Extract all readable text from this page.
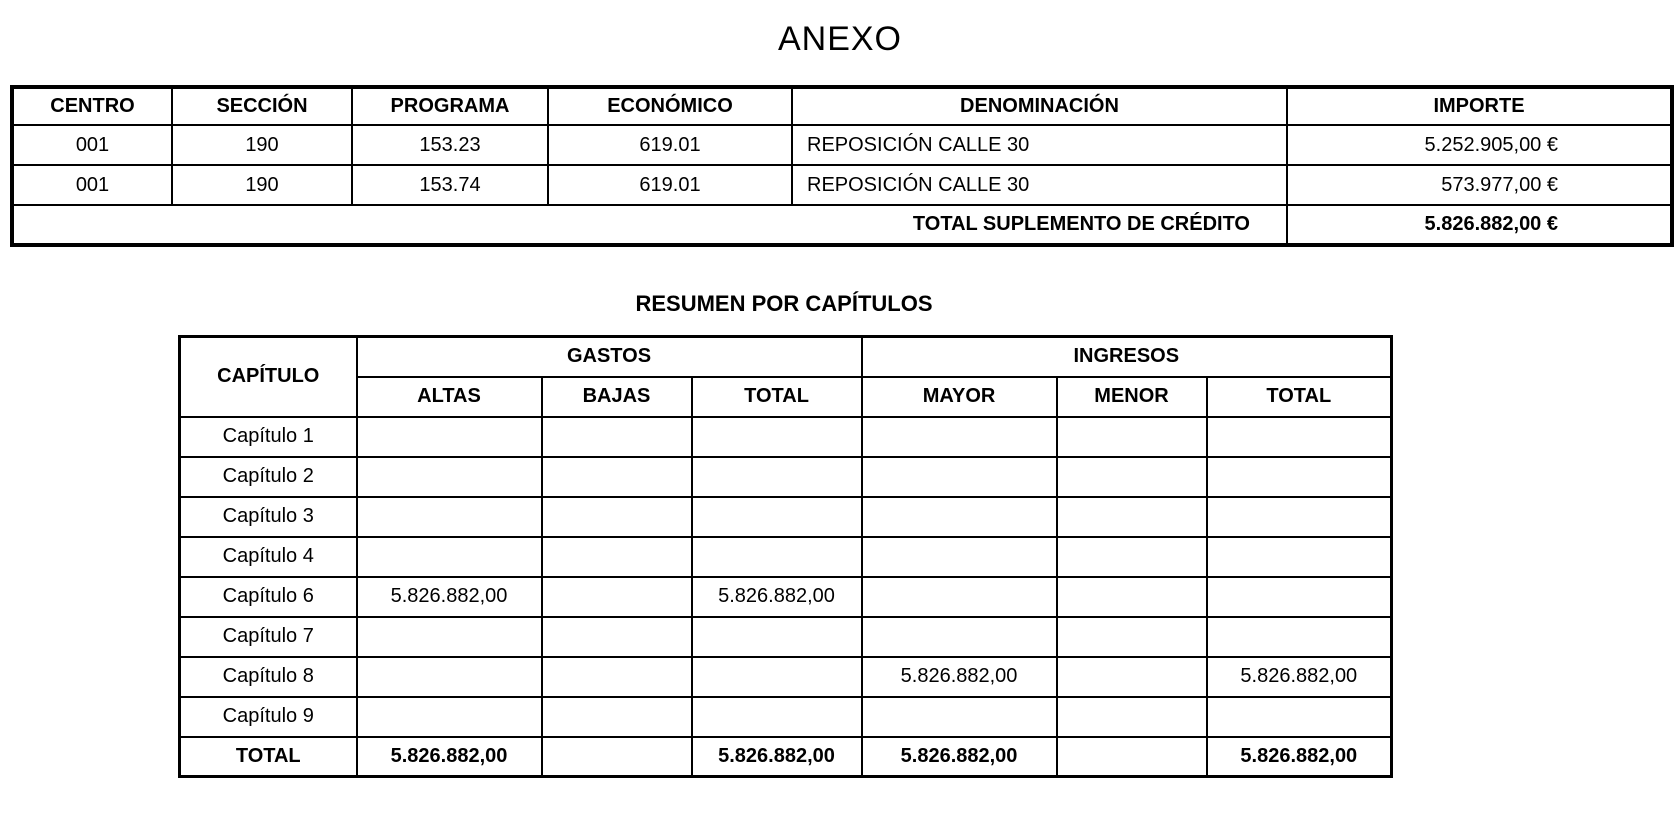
ANEXO
CENTRO	SECCIÓN	PROGRAMA	ECONÓMICO	DENOMINACIÓN	IMPORTE
001	190	153.23	619.01	REPOSICIÓN CALLE 30	5.252.905,00 €
001	190	153.74	619.01	REPOSICIÓN CALLE 30	573.977,00 €
TOTAL SUPLEMENTO DE CRÉDITO					5.826.882,00 €
RESUMEN POR CAPÍTULOS
CAPÍTULO	GASTOS			INGRESOS		
	ALTAS	BAJAS	TOTAL	MAYOR	MENOR	TOTAL
Capítulo 1						
Capítulo 2						
Capítulo 3						
Capítulo 4						
Capítulo 6	5.826.882,00		5.826.882,00			
Capítulo 7						
Capítulo 8				5.826.882,00		5.826.882,00
Capítulo 9						
TOTAL	5.826.882,00		5.826.882,00	5.826.882,00		5.826.882,00
